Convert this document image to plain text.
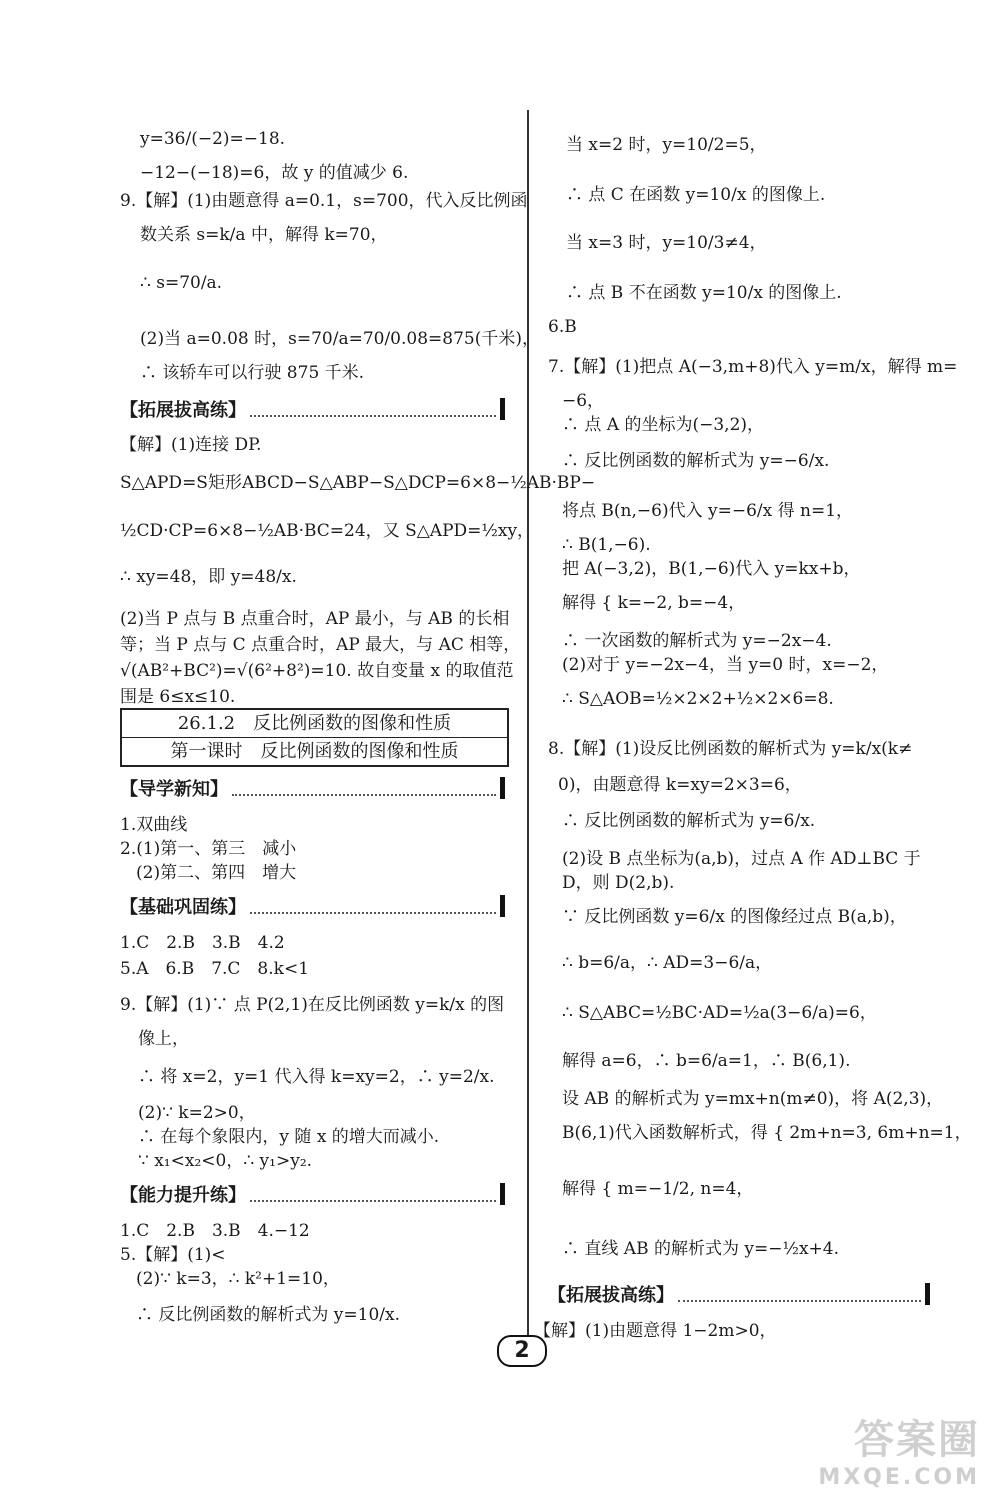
y=36/(−2)=−18.
−12−(−18)=6，故 y 的值减少 6.
9.【解】(1)由题意得 a=0.1，s=700，代入反比例函
数关系 s=k/a 中，解得 k=70，
∴ s=70/a.
(2)当 a=0.08 时，s=70/a=70/0.08=875(千米)，
∴ 该轿车可以行驶 875 千米.
【拓展拔高练】
【解】(1)连接 DP.
S△APD=S矩形ABCD−S△ABP−S△DCP=6×8−½AB·BP−
½CD·CP=6×8−½AB·BC=24，又 S△APD=½xy，
∴ xy=48，即 y=48/x.
(2)当 P 点与 B 点重合时，AP 最小，与 AB 的长相
等；当 P 点与 C 点重合时，AP 最大，与 AC 相等，
√(AB²+BC²)=√(6²+8²)=10. 故自变量 x 的取值范
围是 6≤x≤10.
26.1.2　反比例函数的图像和性质
第一课时　反比例函数的图像和性质
【导学新知】
1.双曲线
2.(1)第一、第三　减小
(2)第二、第四　增大
【基础巩固练】
1.C　2.B　3.B　4.2
5.A　6.B　7.C　8.k<1
9.【解】(1)∵ 点 P(2,1)在反比例函数 y=k/x 的图
像上，
∴ 将 x=2，y=1 代入得 k=xy=2，∴ y=2/x.
(2)∵ k=2>0，
∴ 在每个象限内，y 随 x 的增大而减小.
∵ x₁<x₂<0，∴ y₁>y₂.
【能力提升练】
1.C　2.B　3.B　4.−12
5.【解】(1)<
(2)∵ k=3，∴ k²+1=10，
∴ 反比例函数的解析式为 y=10/x.
当 x=2 时，y=10/2=5，
∴ 点 C 在函数 y=10/x 的图像上.
当 x=3 时，y=10/3≠4，
∴ 点 B 不在函数 y=10/x 的图像上.
6.B
7.【解】(1)把点 A(−3,m+8)代入 y=m/x，解得 m=
−6，
∴ 点 A 的坐标为(−3,2)，
∴ 反比例函数的解析式为 y=−6/x.
将点 B(n,−6)代入 y=−6/x 得 n=1，
∴ B(1,−6).
把 A(−3,2)，B(1,−6)代入 y=kx+b，
解得 { k=−2, b=−4，
∴ 一次函数的解析式为 y=−2x−4.
(2)对于 y=−2x−4，当 y=0 时，x=−2，
∴ S△AOB=½×2×2+½×2×6=8.
8.【解】(1)设反比例函数的解析式为 y=k/x(k≠
0)，由题意得 k=xy=2×3=6，
∴ 反比例函数的解析式为 y=6/x.
(2)设 B 点坐标为(a,b)，过点 A 作 AD⊥BC 于
D，则 D(2,b).
∵ 反比例函数 y=6/x 的图像经过点 B(a,b)，
∴ b=6/a，∴ AD=3−6/a，
∴ S△ABC=½BC·AD=½a(3−6/a)=6，
解得 a=6，∴ b=6/a=1，∴ B(6,1).
设 AB 的解析式为 y=mx+n(m≠0)，将 A(2,3)，
B(6,1)代入函数解析式，得 { 2m+n=3, 6m+n=1，
解得 { m=−1/2, n=4，
∴ 直线 AB 的解析式为 y=−½x+4.
【拓展拔高练】
【解】(1)由题意得 1−2m>0，
2
答案圈
MXQE.COM
